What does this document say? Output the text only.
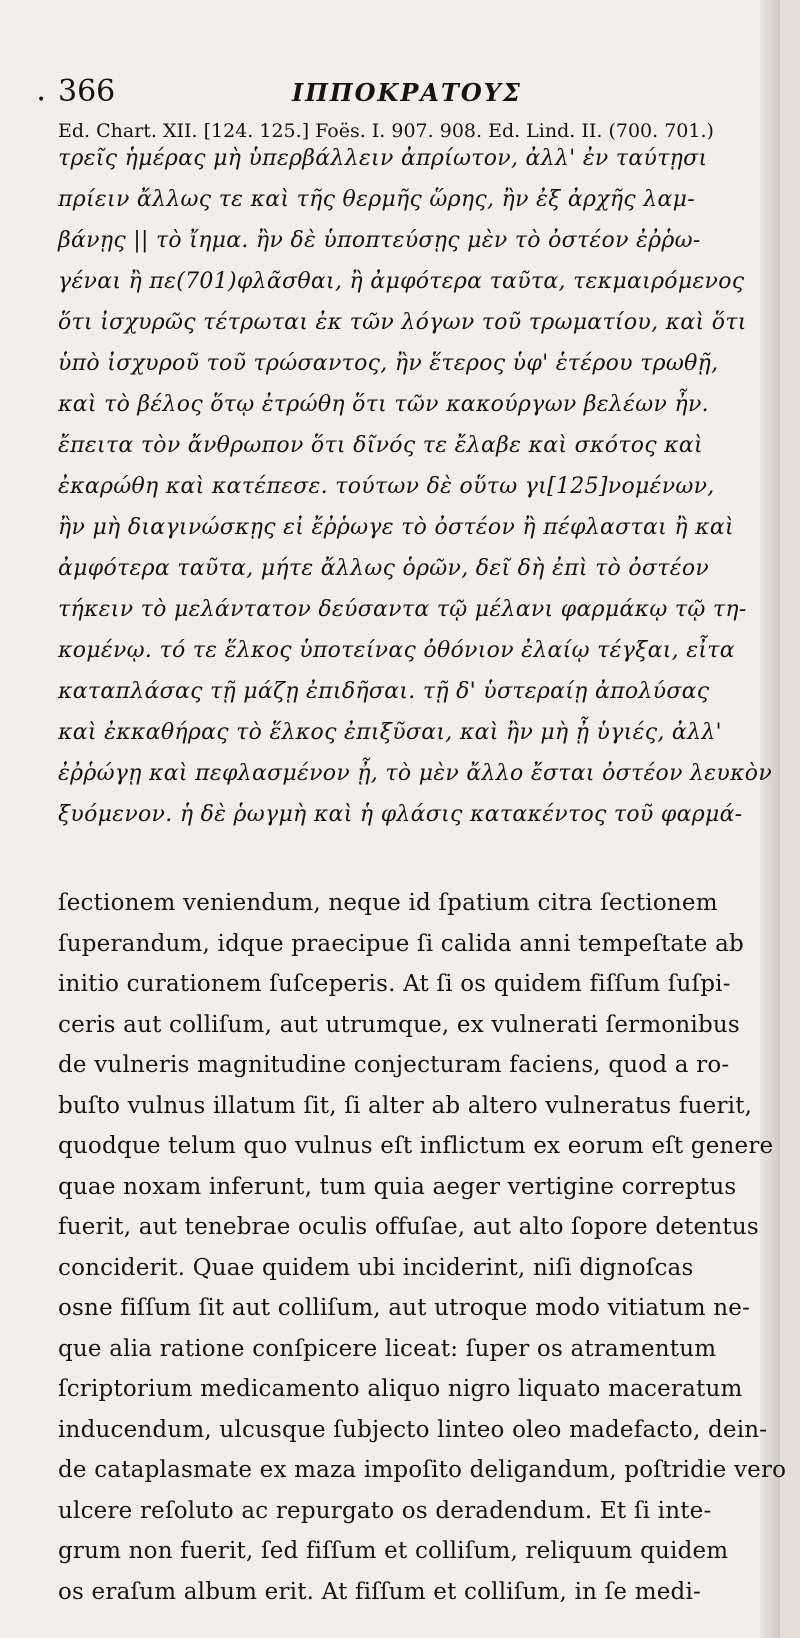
• 366	ΙΠΠΟΚΡΑΤΟΥΣ
Ed. Chart. XII. [124. 125.] Foës. I. 907. 908. Ed. Lind. II. (700. 701.)
τρεῖς ἡμέρας μὴ ὑπερβάλλειν ἀπρίωτον, ἀλλ' ἐν ταύτῃσι
πρίειν ἄλλως τε καὶ τῆς θερμῆς ὥρης, ἢν ἐξ ἀρχῆς λαμ-
βάνῃς || τὸ ἴημα. ἢν δὲ ὑποπτεύσῃς μὲν τὸ ὀστέον ἐῤῥω-
γέναι ἢ πε(701)φλᾶσθαι, ἢ ἀμφότερα ταῦτα, τεκμαιρόμενος
ὅτι ἰσχυρῶς τέτρωται ἐκ τῶν λόγων τοῦ τρωματίου, καὶ ὅτι
ὑπὸ ἰσχυροῦ τοῦ τρώσαντος, ἢν ἕτερος ὑφ' ἑτέρου τρωθῇ,
καὶ τὸ βέλος ὅτῳ ἐτρώθη ὅτι τῶν κακούργων βελέων ἦν.
ἔπειτα τὸν ἄνθρωπον ὅτι δῖνός τε ἔλαβε καὶ σκότος καὶ
ἐκαρώθη καὶ κατέπεσε. τούτων δὲ οὕτω γι[125]νομένων,
ἢν μὴ διαγινώσκῃς εἰ ἔῤῥωγε τὸ ὀστέον ἢ πέφλασται ἢ καὶ
ἀμφότερα ταῦτα, μήτε ἄλλως ὁρῶν, δεῖ δὴ ἐπὶ τὸ ὀστέον
τήκειν τὸ μελάντατον δεύσαντα τῷ μέλανι φαρμάκῳ τῷ τη-
κομένῳ. τό τε ἕλκος ὑποτείνας ὀθόνιον ἐλαίῳ τέγξαι, εἶτα
καταπλάσας τῇ μάζῃ ἐπιδῆσαι. τῇ δ' ὑστεραίῃ ἀπολύσας
καὶ ἐκκαθήρας τὸ ἕλκος ἐπιξῦσαι, καὶ ἢν μὴ ᾖ ὑγιές, ἀλλ'
ἐῤῥώγῃ καὶ πεφλασμένον ᾖ, τὸ μὲν ἄλλο ἔσται ὀστέον λευκὸν
ξυόμενον. ἡ δὲ ῥωγμὴ καὶ ἡ φλάσις κατακέντος τοῦ φαρμά-
ſectionem veniendum, neque id ſpatium citra ſectionem
ſuperandum, idque praecipue ſi calida anni tempeſtate ab
initio curationem ſuſceperis. At ſi os quidem fiſſum ſuſpi-
ceris aut colliſum, aut utrumque, ex vulnerati ſermonibus
de vulneris magnitudine conjecturam faciens, quod a ro-
buſto vulnus illatum ſit, ſi alter ab altero vulneratus fuerit,
quodque telum quo vulnus eſt inflictum ex eorum eſt genere
quae noxam inferunt, tum quia aeger vertigine correptus
fuerit, aut tenebrae oculis offuſae, aut alto ſopore detentus
conciderit. Quae quidem ubi inciderint, niſi dignoſcas
osne fiſſum ſit aut colliſum, aut utroque modo vitiatum ne-
que alia ratione conſpicere liceat: ſuper os atramentum
ſcriptorium medicamento aliquo nigro liquato maceratum
inducendum, ulcusque ſubjecto linteo oleo madefacto, dein-
de cataplasmate ex maza impoſito deligandum, poſtridie vero
ulcere reſoluto ac repurgato os deradendum. Et ſi inte-
grum non fuerit, ſed fiſſum et colliſum, reliquum quidem
os eraſum album erit. At fiſſum et colliſum, in ſe medi-
